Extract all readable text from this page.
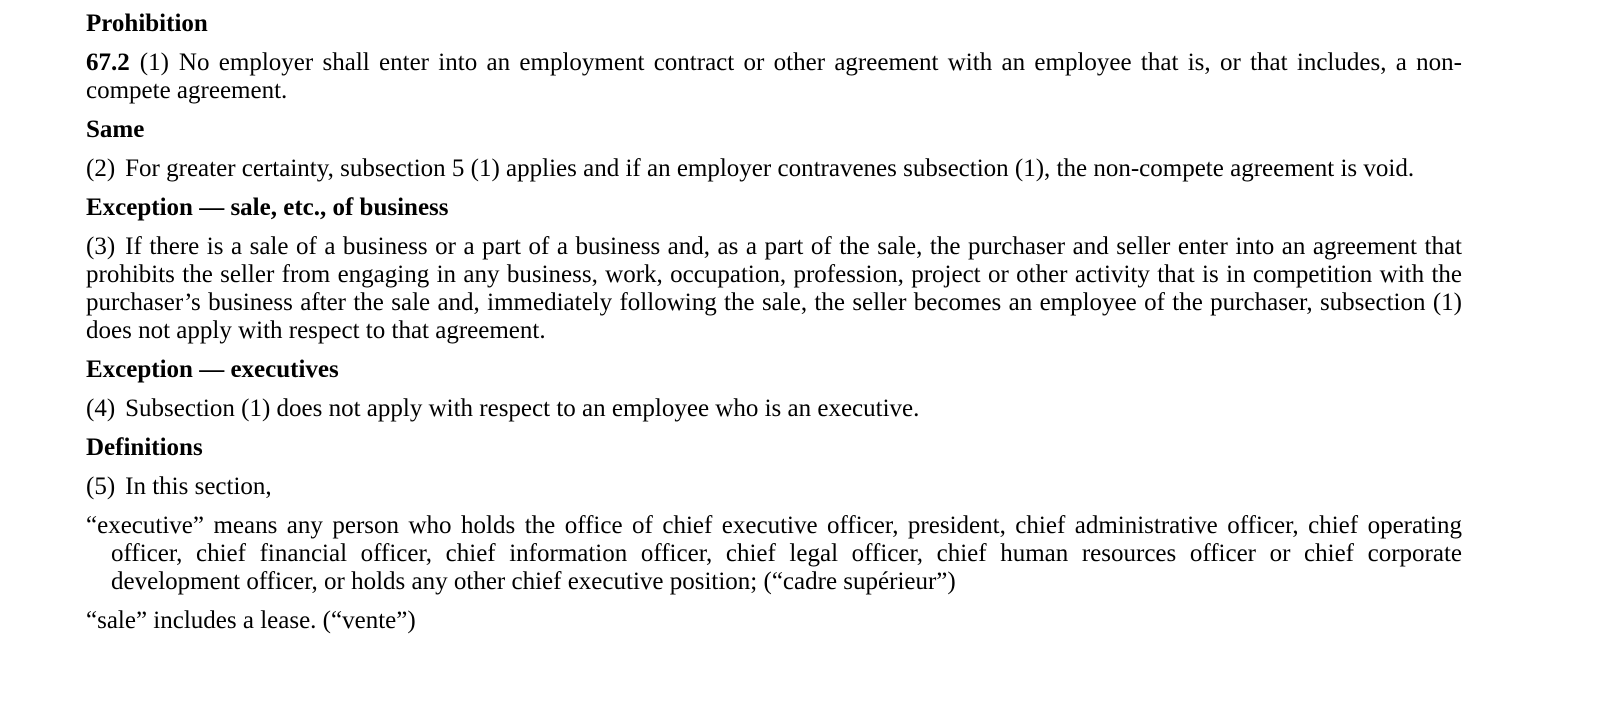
Prohibition
67.2 (1) No employer shall enter into an employment contract or other agreement with an employee that is, or that includes, a non-compete agreement.
Same
(2) For greater certainty, subsection 5 (1) applies and if an employer contravenes subsection (1), the non-compete agreement is void.
Exception — sale, etc., of business
(3) If there is a sale of a business or a part of a business and, as a part of the sale, the purchaser and seller enter into an agreement that prohibits the seller from engaging in any business, work, occupation, profession, project or other activity that is in competition with the purchaser’s business after the sale and, immediately following the sale, the seller becomes an employee of the purchaser, subsection (1) does not apply with respect to that agreement.
Exception — executives
(4) Subsection (1) does not apply with respect to an employee who is an executive.
Definitions
(5) In this section,
“executive” means any person who holds the office of chief executive officer, president, chief administrative officer, chief operating officer, chief financial officer, chief information officer, chief legal officer, chief human resources officer or chief corporate development officer, or holds any other chief executive position; (“cadre supérieur”)
“sale” includes a lease. (“vente”)
